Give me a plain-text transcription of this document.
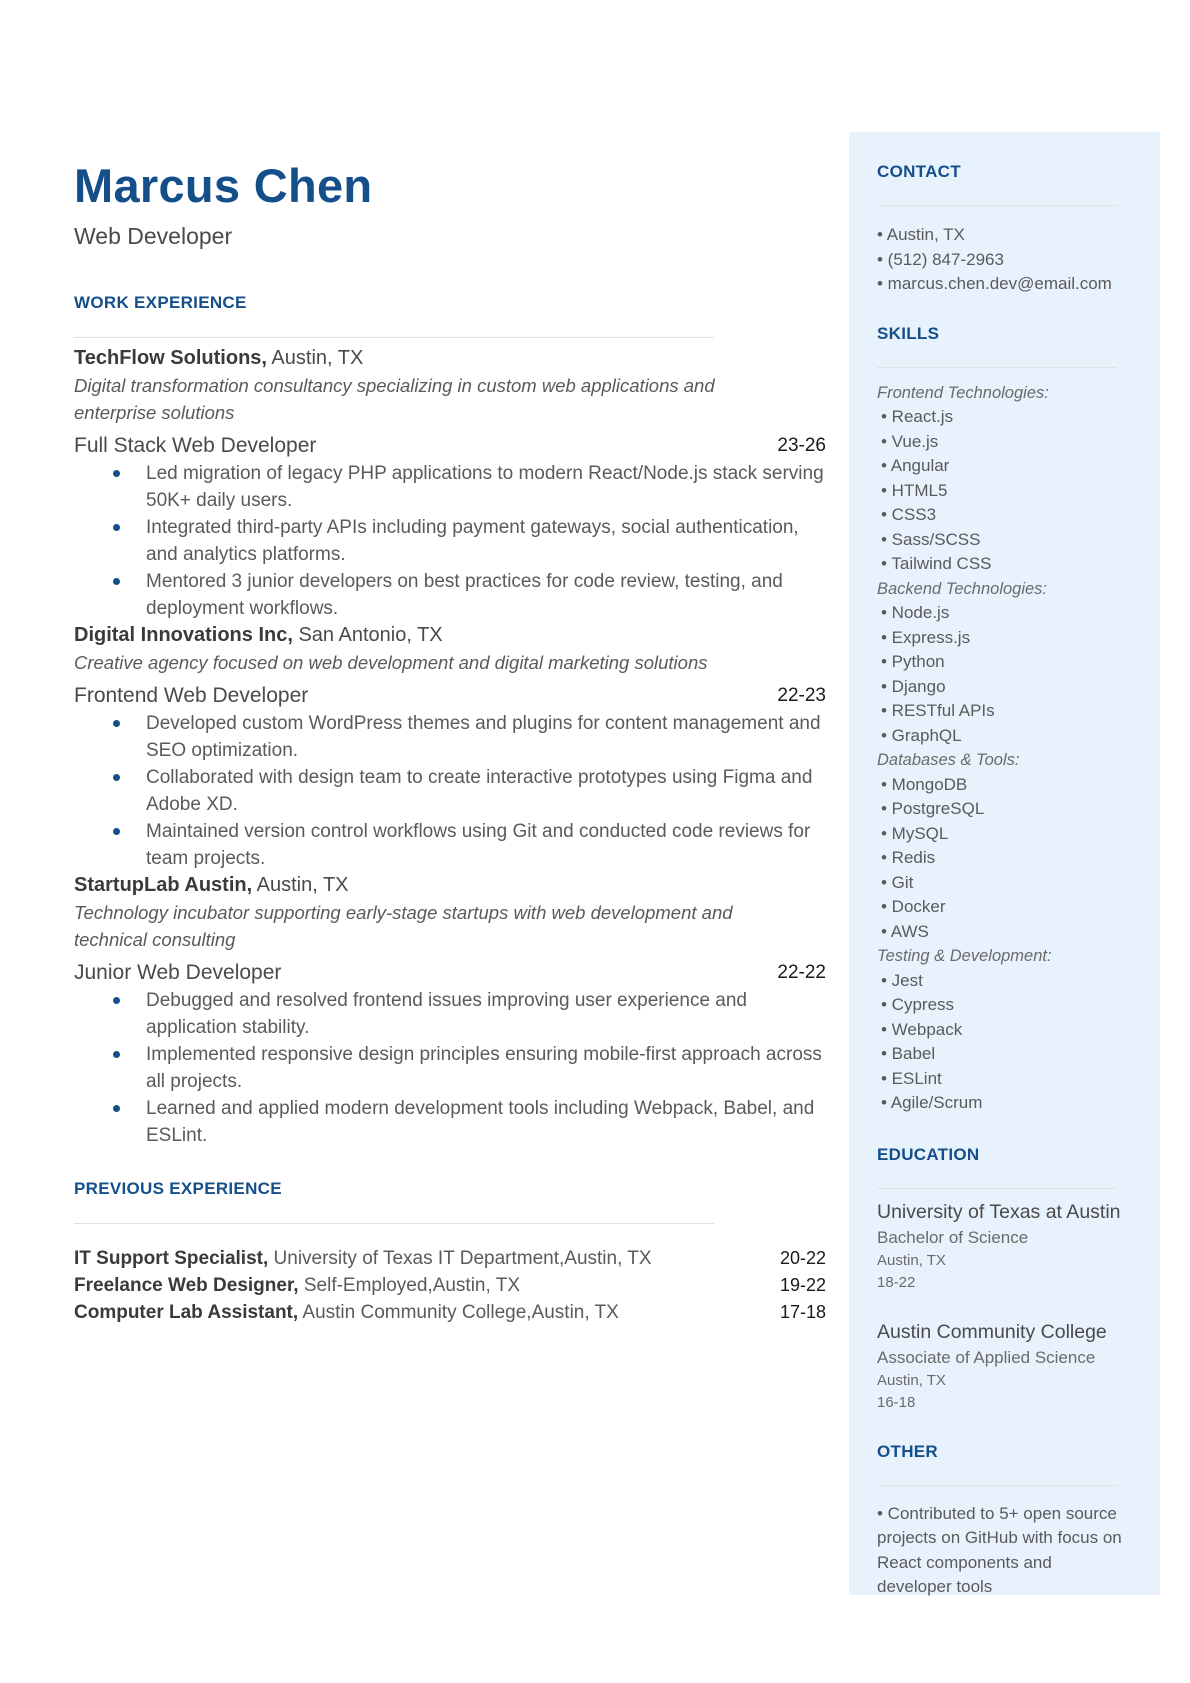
Marcus Chen
Web Developer
WORK EXPERIENCE
TechFlow Solutions, Austin, TX
Digital transformation consultancy specializing in custom web applications and enterprise solutions
Full Stack Web Developer	23-26
Led migration of legacy PHP applications to modern React/Node.js stack serving 50K+ daily users.
Integrated third-party APIs including payment gateways, social authentication, and analytics platforms.
Mentored 3 junior developers on best practices for code review, testing, and deployment workflows.
Digital Innovations Inc, San Antonio, TX
Creative agency focused on web development and digital marketing solutions
Frontend Web Developer	22-23
Developed custom WordPress themes and plugins for content management and SEO optimization.
Collaborated with design team to create interactive prototypes using Figma and Adobe XD.
Maintained version control workflows using Git and conducted code reviews for team projects.
StartupLab Austin, Austin, TX
Technology incubator supporting early-stage startups with web development and technical consulting
Junior Web Developer	22-22
Debugged and resolved frontend issues improving user experience and application stability.
Implemented responsive design principles ensuring mobile-first approach across all projects.
Learned and applied modern development tools including Webpack, Babel, and ESLint.
PREVIOUS EXPERIENCE
IT Support Specialist, University of Texas IT Department,Austin, TX	20-22
Freelance Web Designer, Self-Employed,Austin, TX	19-22
Computer Lab Assistant, Austin Community College,Austin, TX	17-18
CONTACT
• Austin, TX
• (512) 847-2963
• marcus.chen.dev@email.com
SKILLS
Frontend Technologies:
• React.js
• Vue.js
• Angular
• HTML5
• CSS3
• Sass/SCSS
• Tailwind CSS
Backend Technologies:
• Node.js
• Express.js
• Python
• Django
• RESTful APIs
• GraphQL
Databases & Tools:
• MongoDB
• PostgreSQL
• MySQL
• Redis
• Git
• Docker
• AWS
Testing & Development:
• Jest
• Cypress
• Webpack
• Babel
• ESLint
• Agile/Scrum
EDUCATION
University of Texas at Austin
Bachelor of Science
Austin, TX
18-22
Austin Community College
Associate of Applied Science
Austin, TX
16-18
OTHER
• Contributed to 5+ open source projects on GitHub with focus on React components and developer tools
